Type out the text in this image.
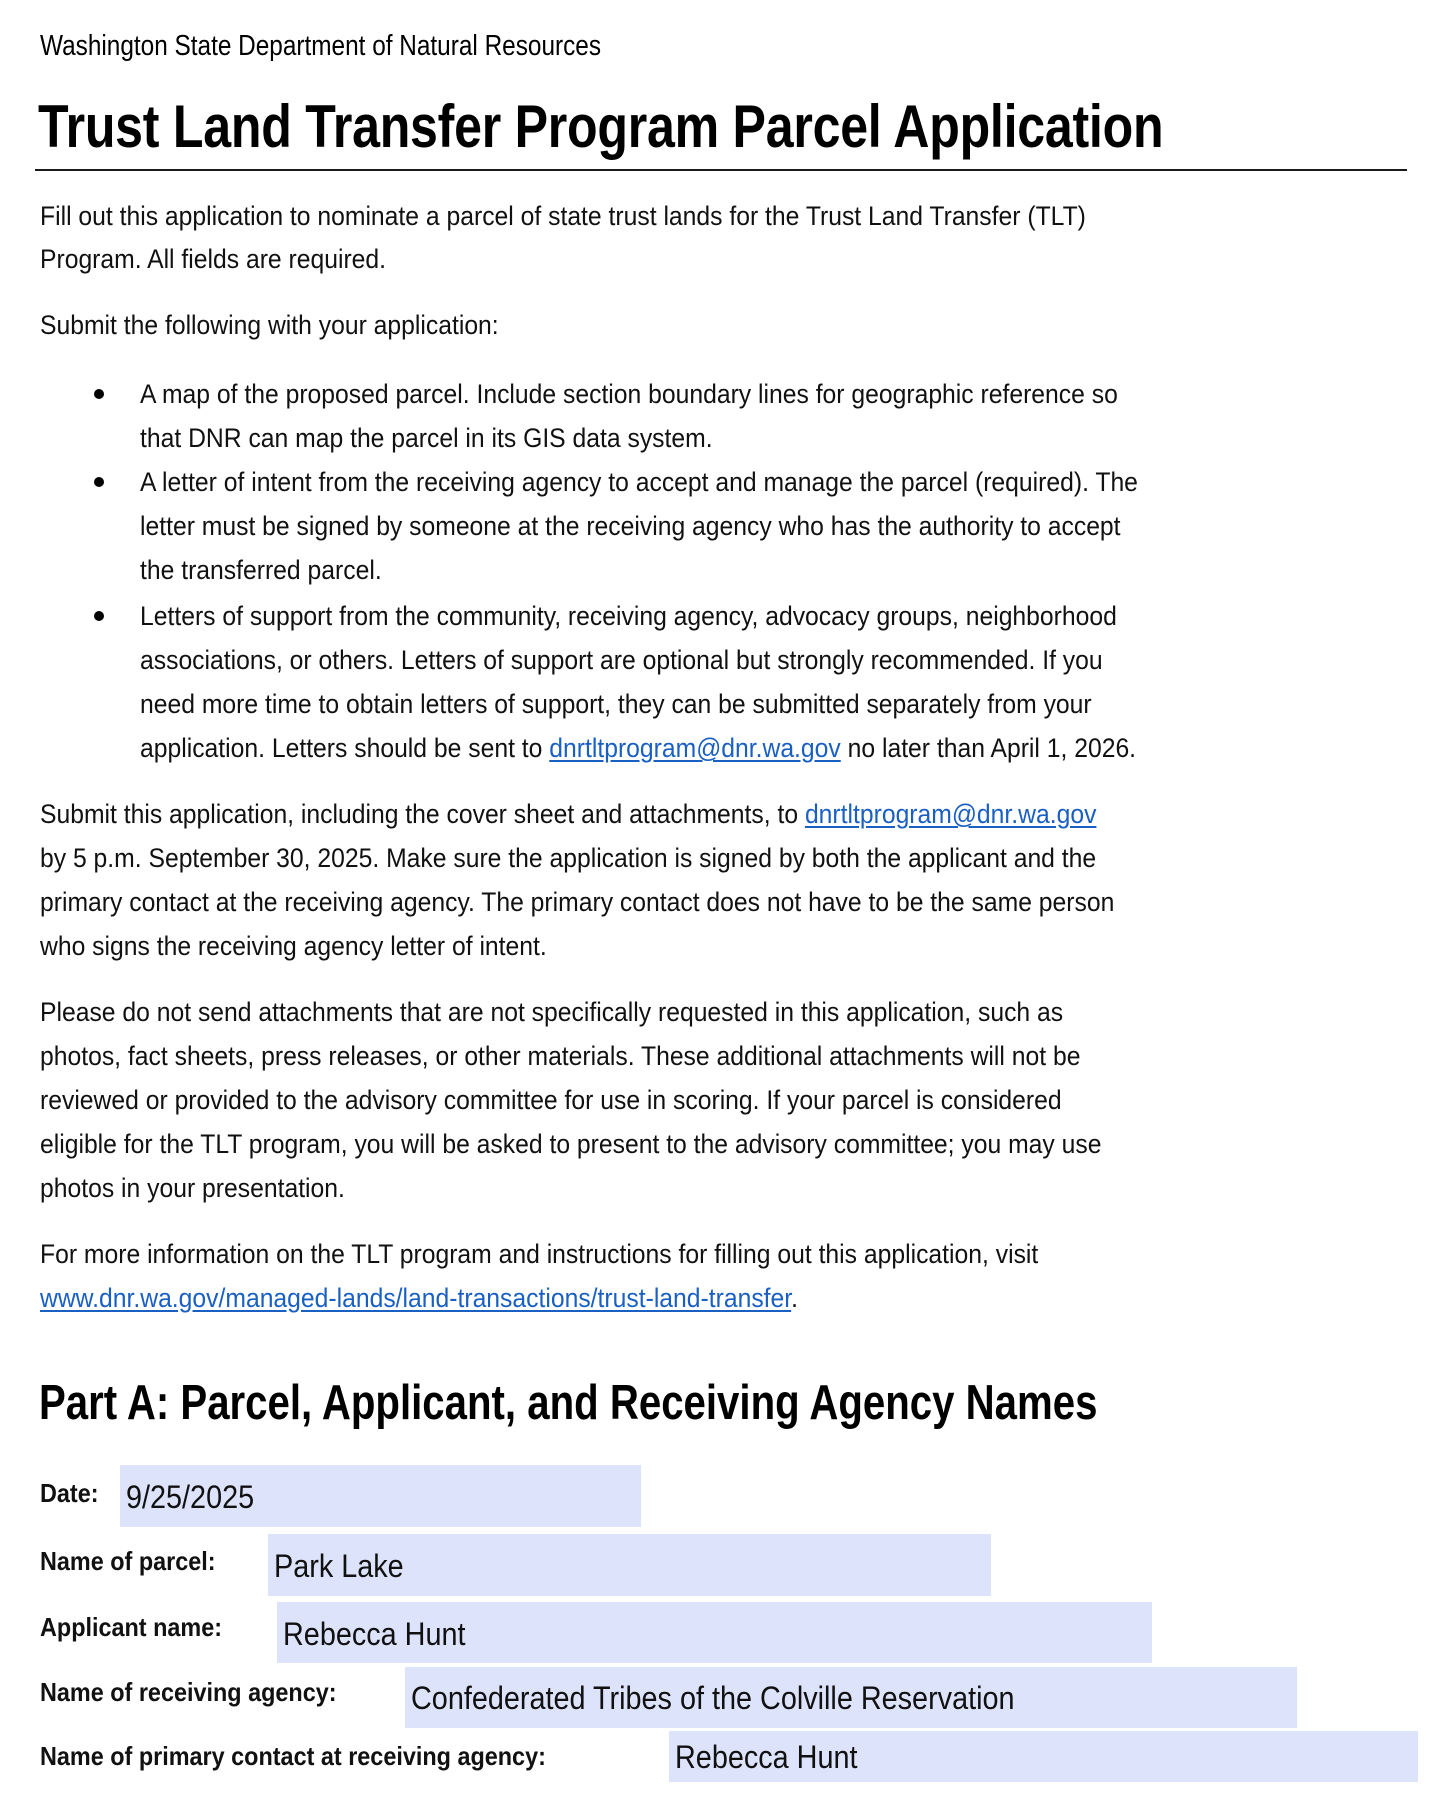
Washington State Department of Natural Resources
Trust Land Transfer Program Parcel Application
Fill out this application to nominate a parcel of state trust lands for the Trust Land Transfer (TLT)
Program. All fields are required.
Submit the following with your application:
A map of the proposed parcel. Include section boundary lines for geographic reference so
that DNR can map the parcel in its GIS data system.
A letter of intent from the receiving agency to accept and manage the parcel (required). The
letter must be signed by someone at the receiving agency who has the authority to accept
the transferred parcel.
Letters of support from the community, receiving agency, advocacy groups, neighborhood
associations, or others. Letters of support are optional but strongly recommended. If you
need more time to obtain letters of support, they can be submitted separately from your
application. Letters should be sent to dnrtltprogram@dnr.wa.gov no later than April 1, 2026.
Submit this application, including the cover sheet and attachments, to dnrtltprogram@dnr.wa.gov
by 5 p.m. September 30, 2025. Make sure the application is signed by both the applicant and the
primary contact at the receiving agency. The primary contact does not have to be the same person
who signs the receiving agency letter of intent.
Please do not send attachments that are not specifically requested in this application, such as
photos, fact sheets, press releases, or other materials. These additional attachments will not be
reviewed or provided to the advisory committee for use in scoring. If your parcel is considered
eligible for the TLT program, you will be asked to present to the advisory committee; you may use
photos in your presentation.
For more information on the TLT program and instructions for filling out this application, visit
www.dnr.wa.gov/managed-lands/land-transactions/trust-land-transfer.
Part A: Parcel, Applicant, and Receiving Agency Names
Date: 9/25/2025
Name of parcel: Park Lake
Applicant name: Rebecca Hunt
Name of receiving agency: Confederated Tribes of the Colville Reservation
Name of primary contact at receiving agency:	Rebecca Hunt
